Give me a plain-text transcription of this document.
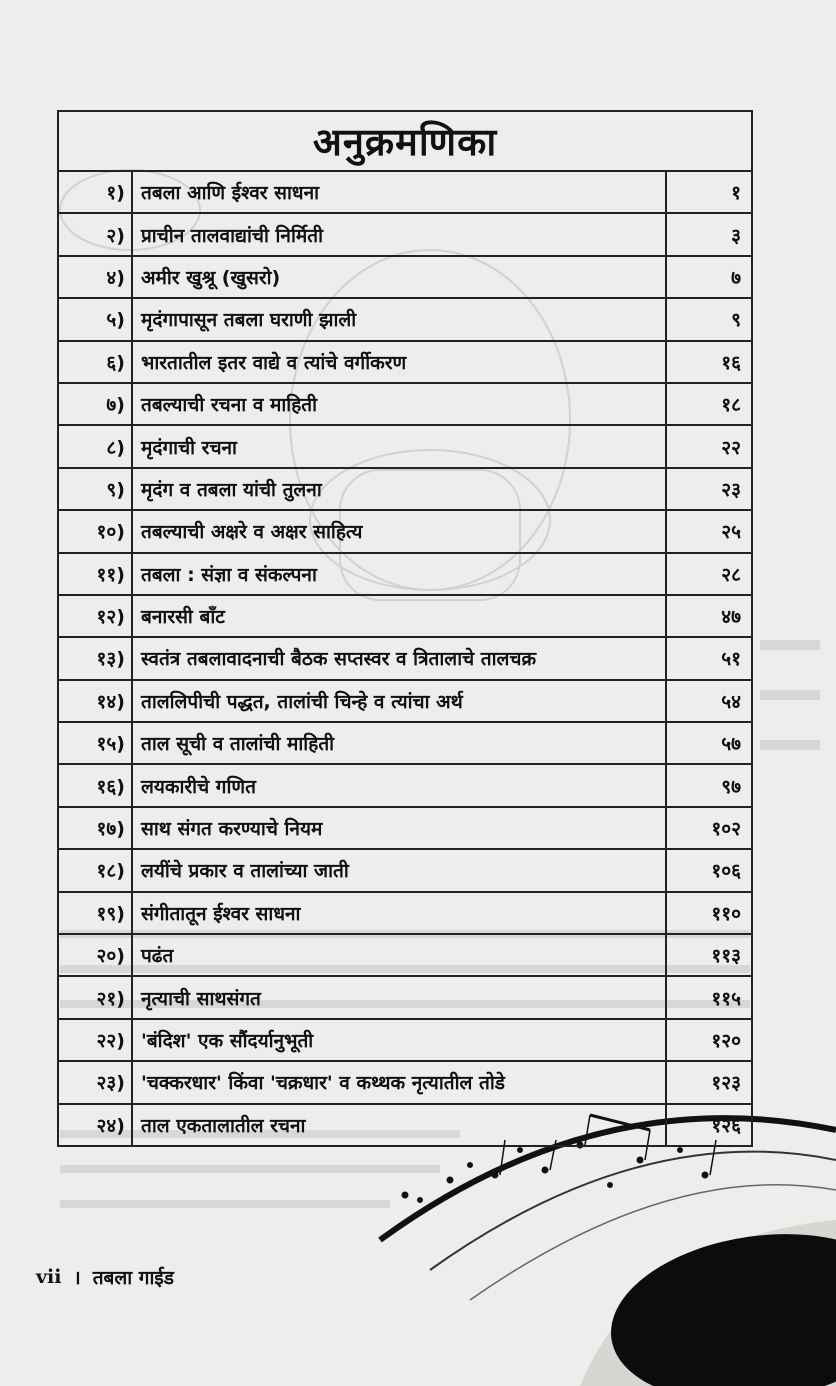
अनुक्रमणिका
१) तबला आणि ईश्वर साधना	१
२) प्राचीन तालवाद्यांची निर्मिती	३
४) अमीर खुश्रू (खुसरो)	७
५) मृदंगापासून तबला घराणी झाली	९
६) भारतातील इतर वाद्ये व त्यांचे वर्गीकरण	१६
७) तबल्याची रचना व माहिती	१८
८) मृदंगाची रचना	२२
९) मृदंग व तबला यांची तुलना	२३
१०) तबल्याची अक्षरे व अक्षर साहित्य	२५
११) तबला : संज्ञा व संकल्पना	२८
१२) बनारसी बाँट	४७
१३) स्वतंत्र तबलावादनाची बैठक सप्तस्वर व त्रितालाचे तालचक्र	५१
१४) ताललिपीची पद्धत, तालांची चिन्हे व त्यांचा अर्थ	५४
१५) ताल सूची व तालांची माहिती	५७
१६) लयकारीचे गणित	९७
१७) साथ संगत करण्याचे नियम	१०२
१८) लयींचे प्रकार व तालांच्या जाती	१०६
१९) संगीतातून ईश्वर साधना	११०
२०) पढंत	११३
२१) नृत्याची साथसंगत	११५
२२) 'बंदिश' एक सौंदर्यानुभूती	१२०
२३) 'चक्करधार' किंवा 'चक्रधार' व कथ्थक नृत्यातील तोडे	१२३
२४) ताल एकतालातील रचना	१२६
vii । तबला गाईड
